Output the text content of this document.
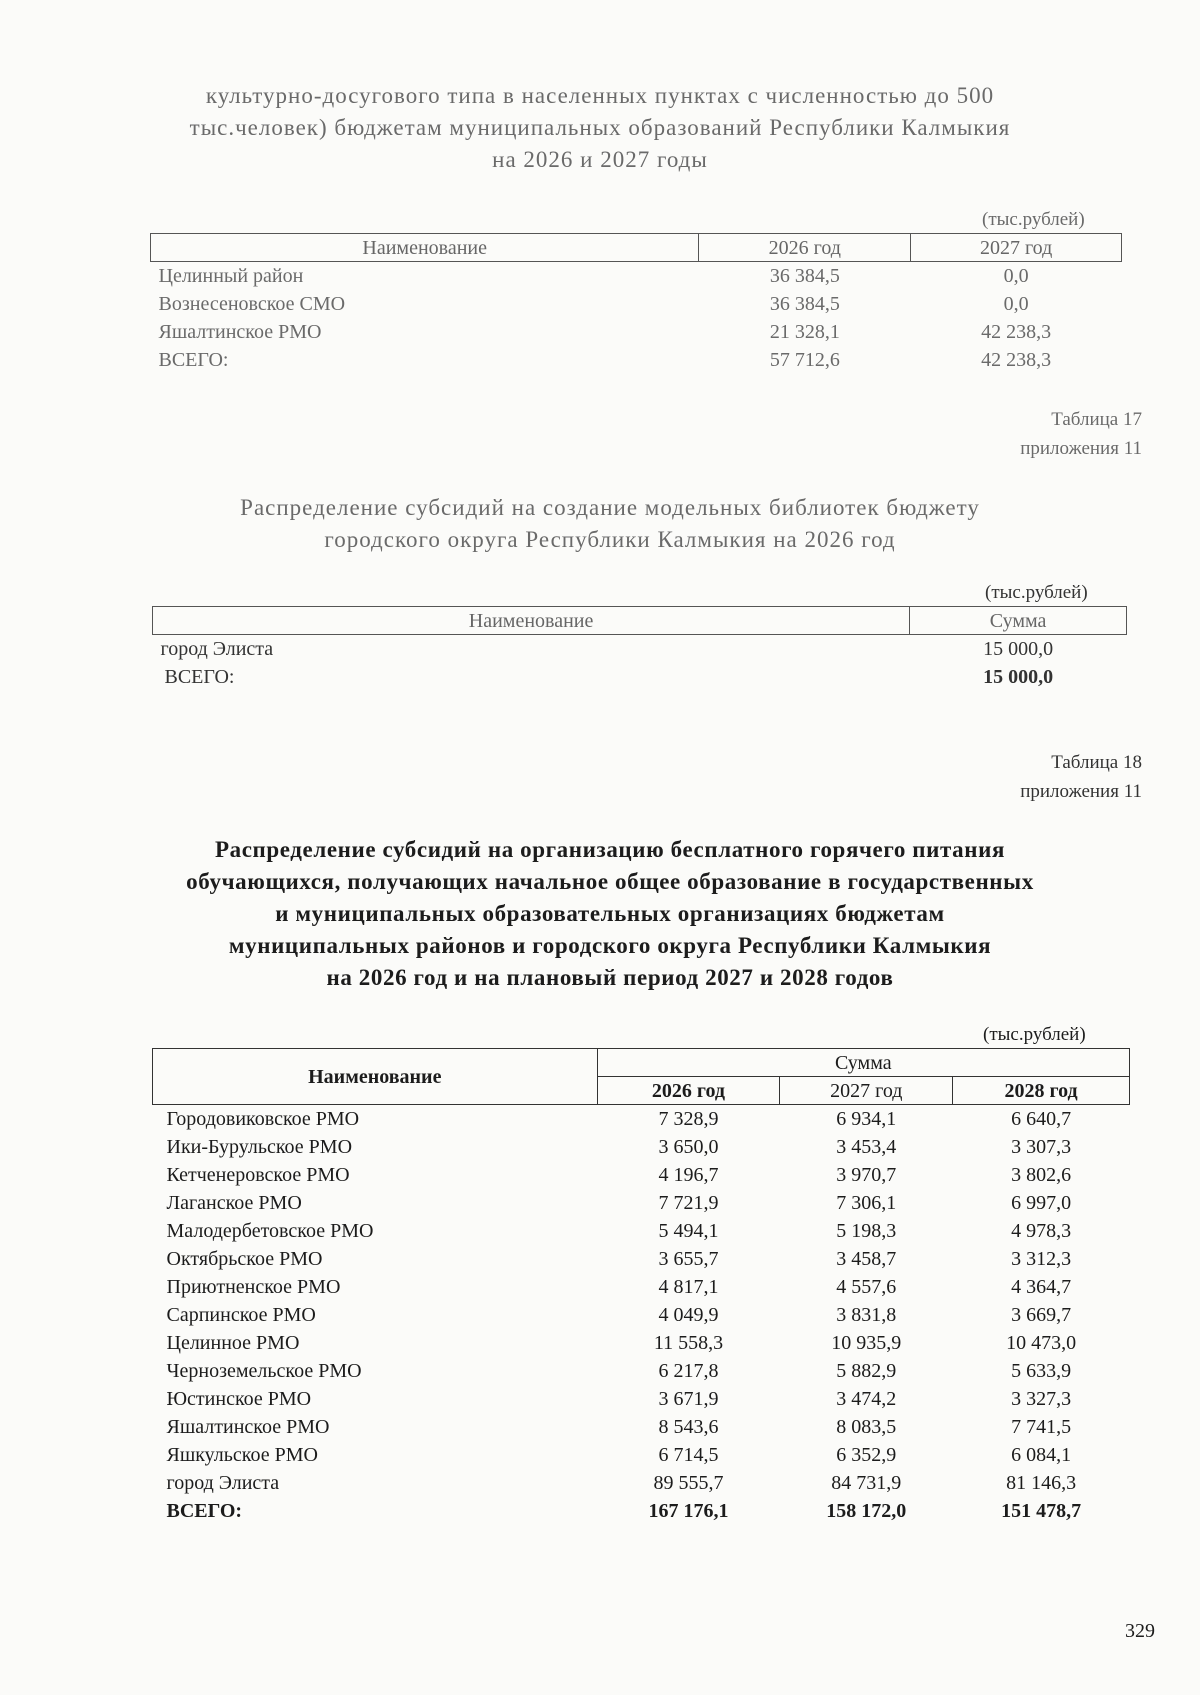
культурно-досугового типа в населенных пунктах с численностью до 500
тыс.человек) бюджетам муниципальных образований Республики Калмыкия
на 2026 и 2027 годы
(тыс.рублей)
Наименование	2026 год	2027 год
Целинный район	36 384,5	0,0
Вознесеновское СМО	36 384,5	0,0
Яшалтинское РМО	21 328,1	42 238,3
ВСЕГО:	57 712,6	42 238,3
Таблица 17
приложения 11
Распределение субсидий на создание модельных библиотек бюджету
городского округа Республики Калмыкия на 2026 год
(тыс.рублей)
Наименование	Сумма
город Элиста	15 000,0
ВСЕГО:	15 000,0
Таблица 18
приложения 11
Распределение субсидий на организацию бесплатного горячего питания
обучающихся, получающих начальное общее образование в государственных
и муниципальных образовательных организациях бюджетам
муниципальных районов и городского округа Республики Калмыкия
на 2026 год и на плановый период 2027 и 2028 годов
(тыс.рублей)
Наименование	Сумма		
	2026 год	2027 год	2028 год
Городовиковское РМО	7 328,9	6 934,1	6 640,7
Ики-Бурульское РМО	3 650,0	3 453,4	3 307,3
Кетченеровское РМО	4 196,7	3 970,7	3 802,6
Лаганское РМО	7 721,9	7 306,1	6 997,0
Малодербетовское РМО	5 494,1	5 198,3	4 978,3
Октябрьское РМО	3 655,7	3 458,7	3 312,3
Приютненское РМО	4 817,1	4 557,6	4 364,7
Сарпинское РМО	4 049,9	3 831,8	3 669,7
Целинное РМО	11 558,3	10 935,9	10 473,0
Черноземельское РМО	6 217,8	5 882,9	5 633,9
Юстинское РМО	3 671,9	3 474,2	3 327,3
Яшалтинское РМО	8 543,6	8 083,5	7 741,5
Яшкульское РМО	6 714,5	6 352,9	6 084,1
город Элиста	89 555,7	84 731,9	81 146,3
ВСЕГО:	167 176,1	158 172,0	151 478,7
329
